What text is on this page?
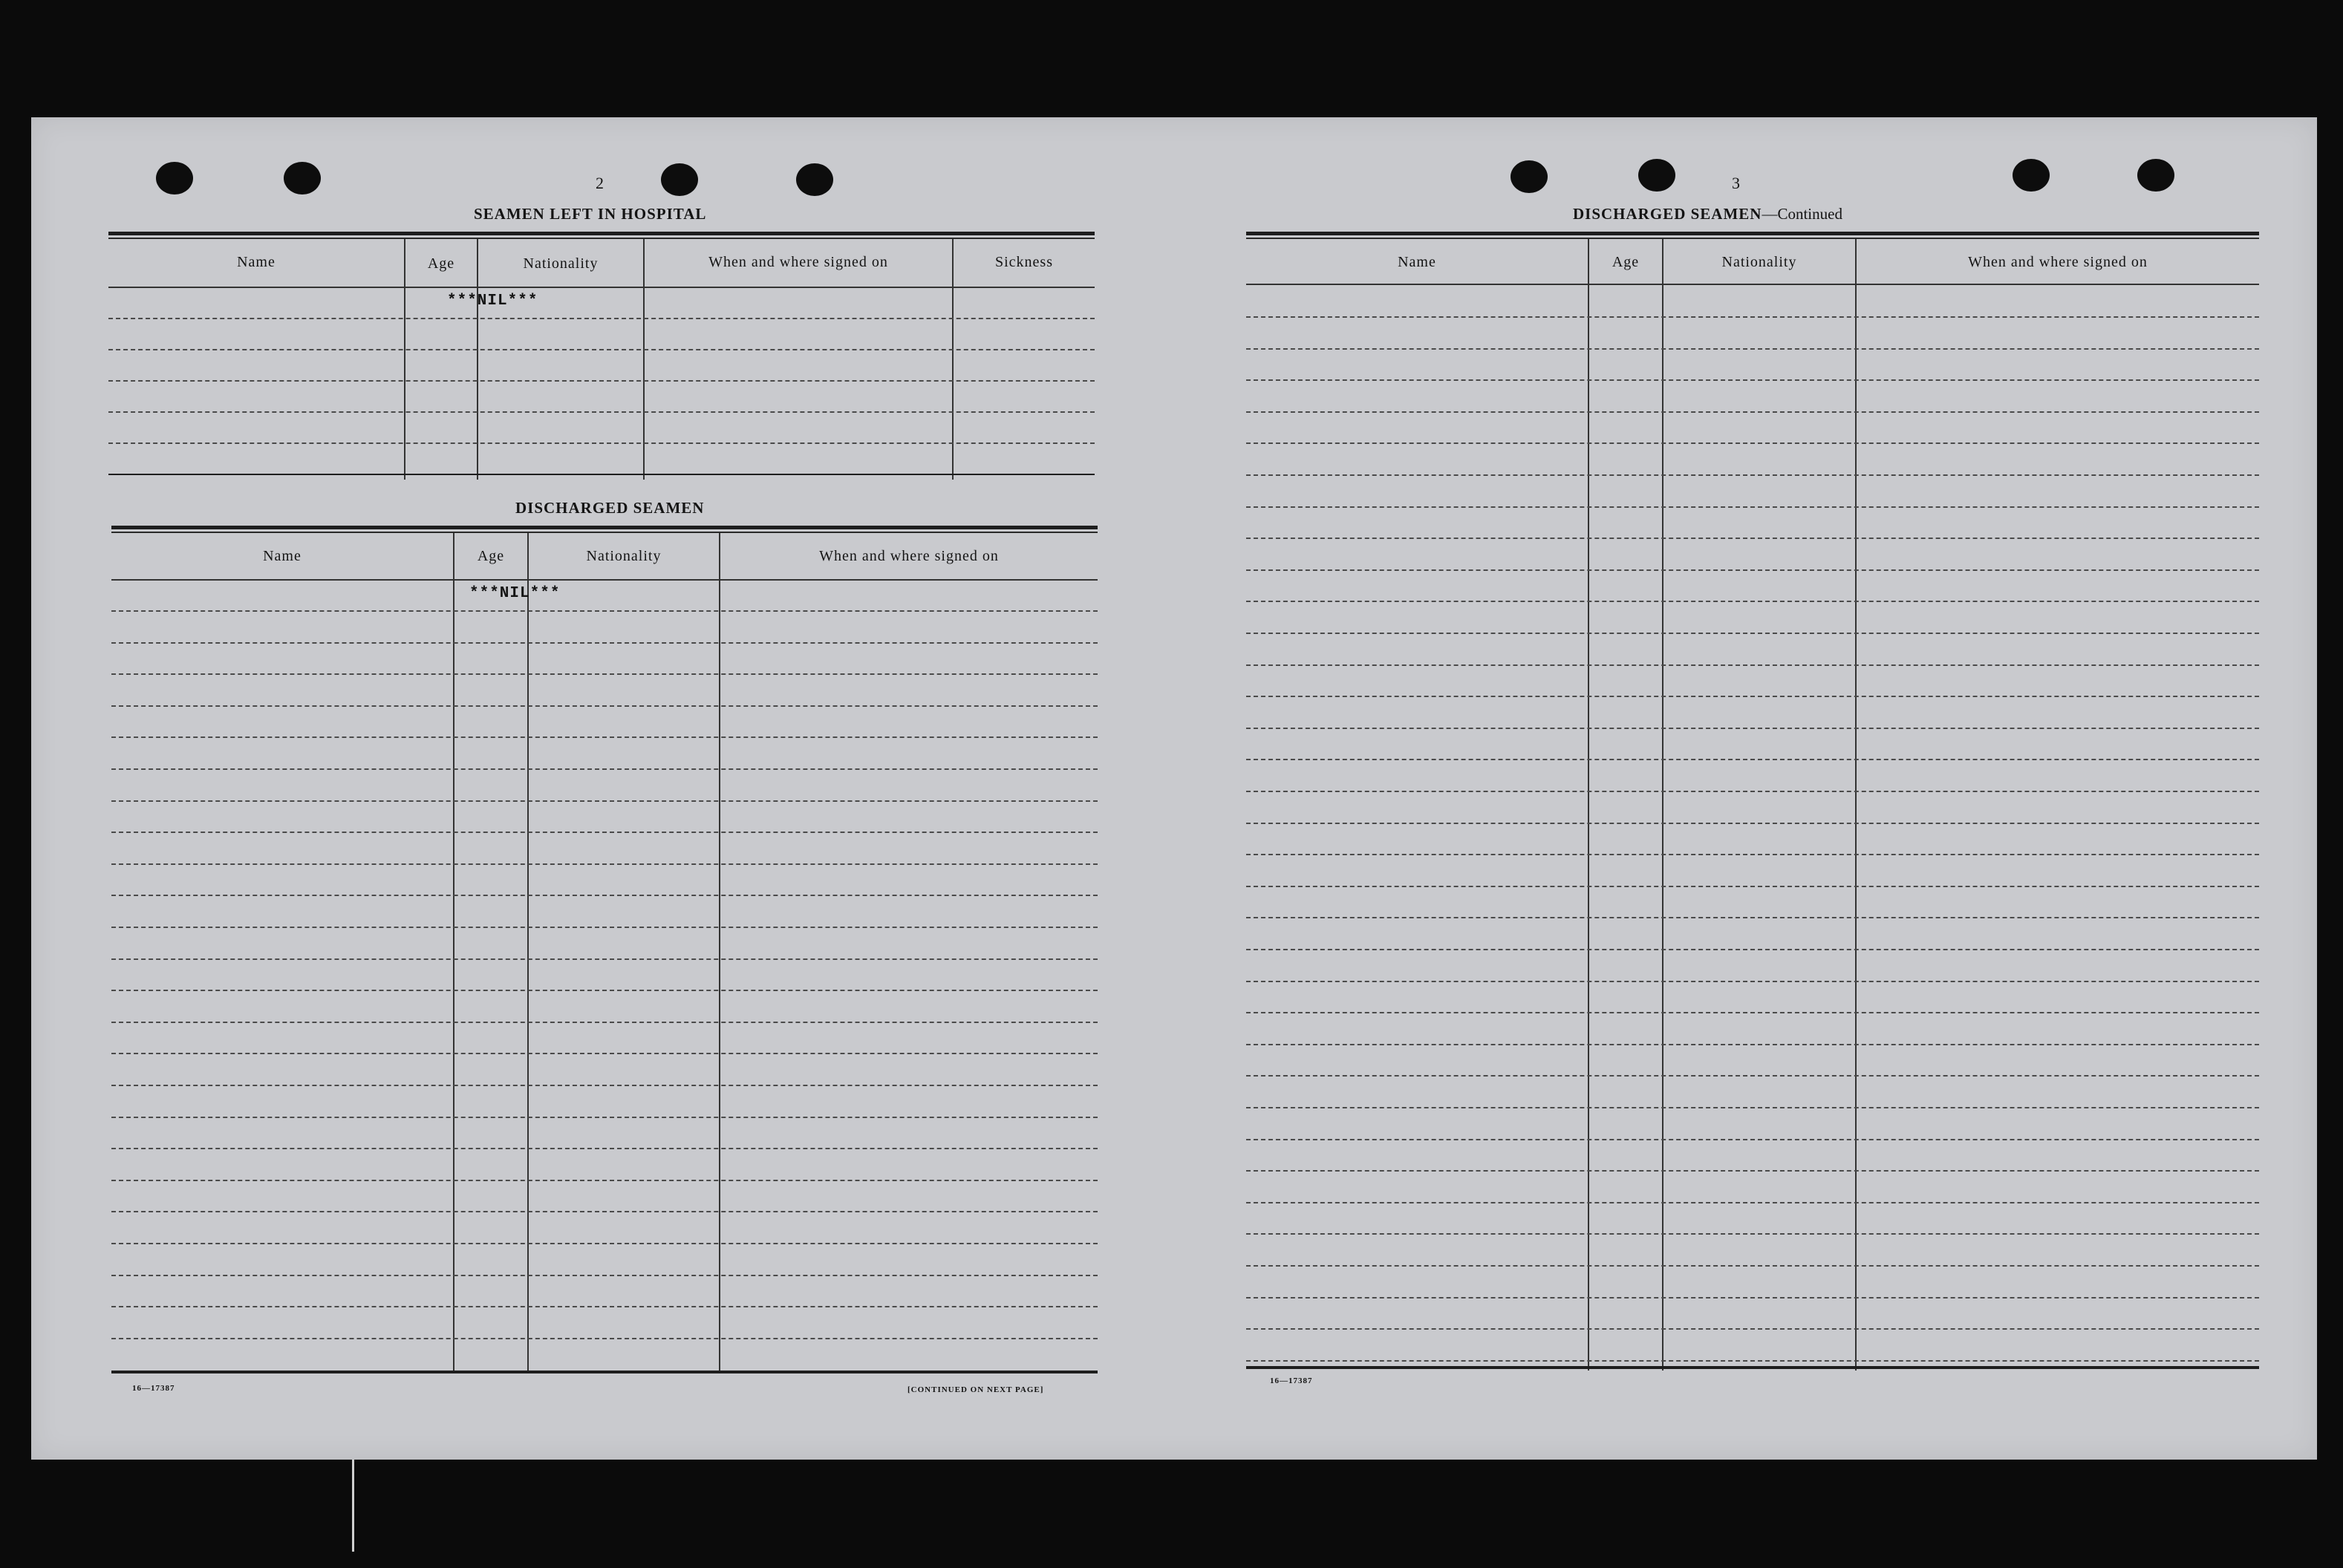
2
SEAMEN LEFT IN HOSPITAL
Name	Age	Nationality	When and where signed on	Sickness
***NIL***
DISCHARGED SEAMEN
Name	Age	Nationality	When and where signed on
***NIL***
16—17387	[CONTINUED ON NEXT PAGE]
3
DISCHARGED SEAMEN—Continued
Name	Age	Nationality	When and where signed on
16—17387
